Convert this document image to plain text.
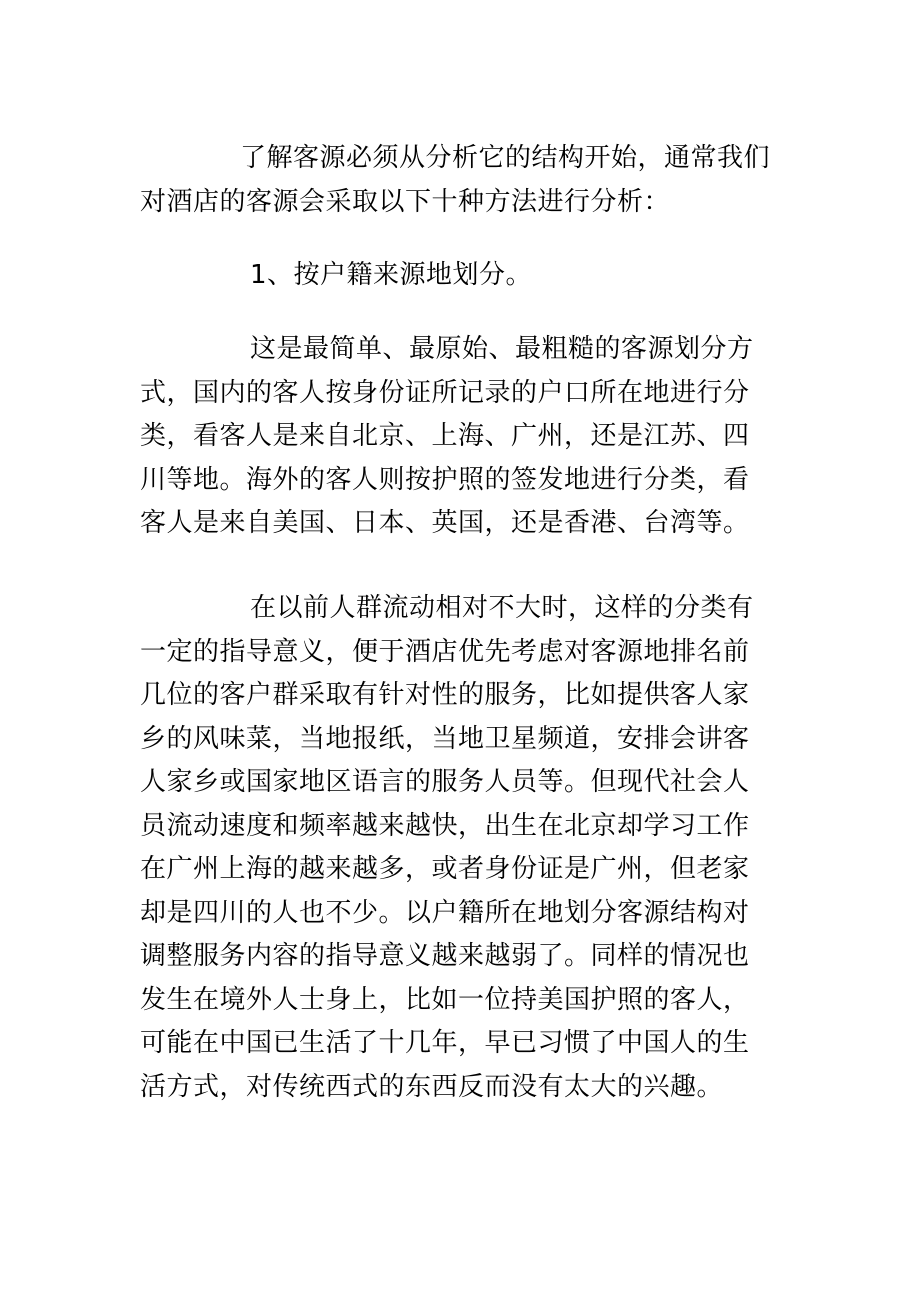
了解客源必须从分析它的结构开始，通常我们
对酒店的客源会采取以下十种方法进行分析：
1、按户籍来源地划分。
这是最简单、最原始、最粗糙的客源划分方
式，国内的客人按身份证所记录的户口所在地进行分
类，看客人是来自北京、上海、广州，还是江苏、四
川等地。海外的客人则按护照的签发地进行分类，看
客人是来自美国、日本、英国，还是香港、台湾等。
在以前人群流动相对不大时，这样的分类有
一定的指导意义，便于酒店优先考虑对客源地排名前
几位的客户群采取有针对性的服务，比如提供客人家
乡的风味菜，当地报纸，当地卫星频道，安排会讲客
人家乡或国家地区语言的服务人员等。但现代社会人
员流动速度和频率越来越快，出生在北京却学习工作
在广州上海的越来越多，或者身份证是广州，但老家
却是四川的人也不少。以户籍所在地划分客源结构对
调整服务内容的指导意义越来越弱了。同样的情况也
发生在境外人士身上，比如一位持美国护照的客人，
可能在中国已生活了十几年，早已习惯了中国人的生
活方式，对传统西式的东西反而没有太大的兴趣。
